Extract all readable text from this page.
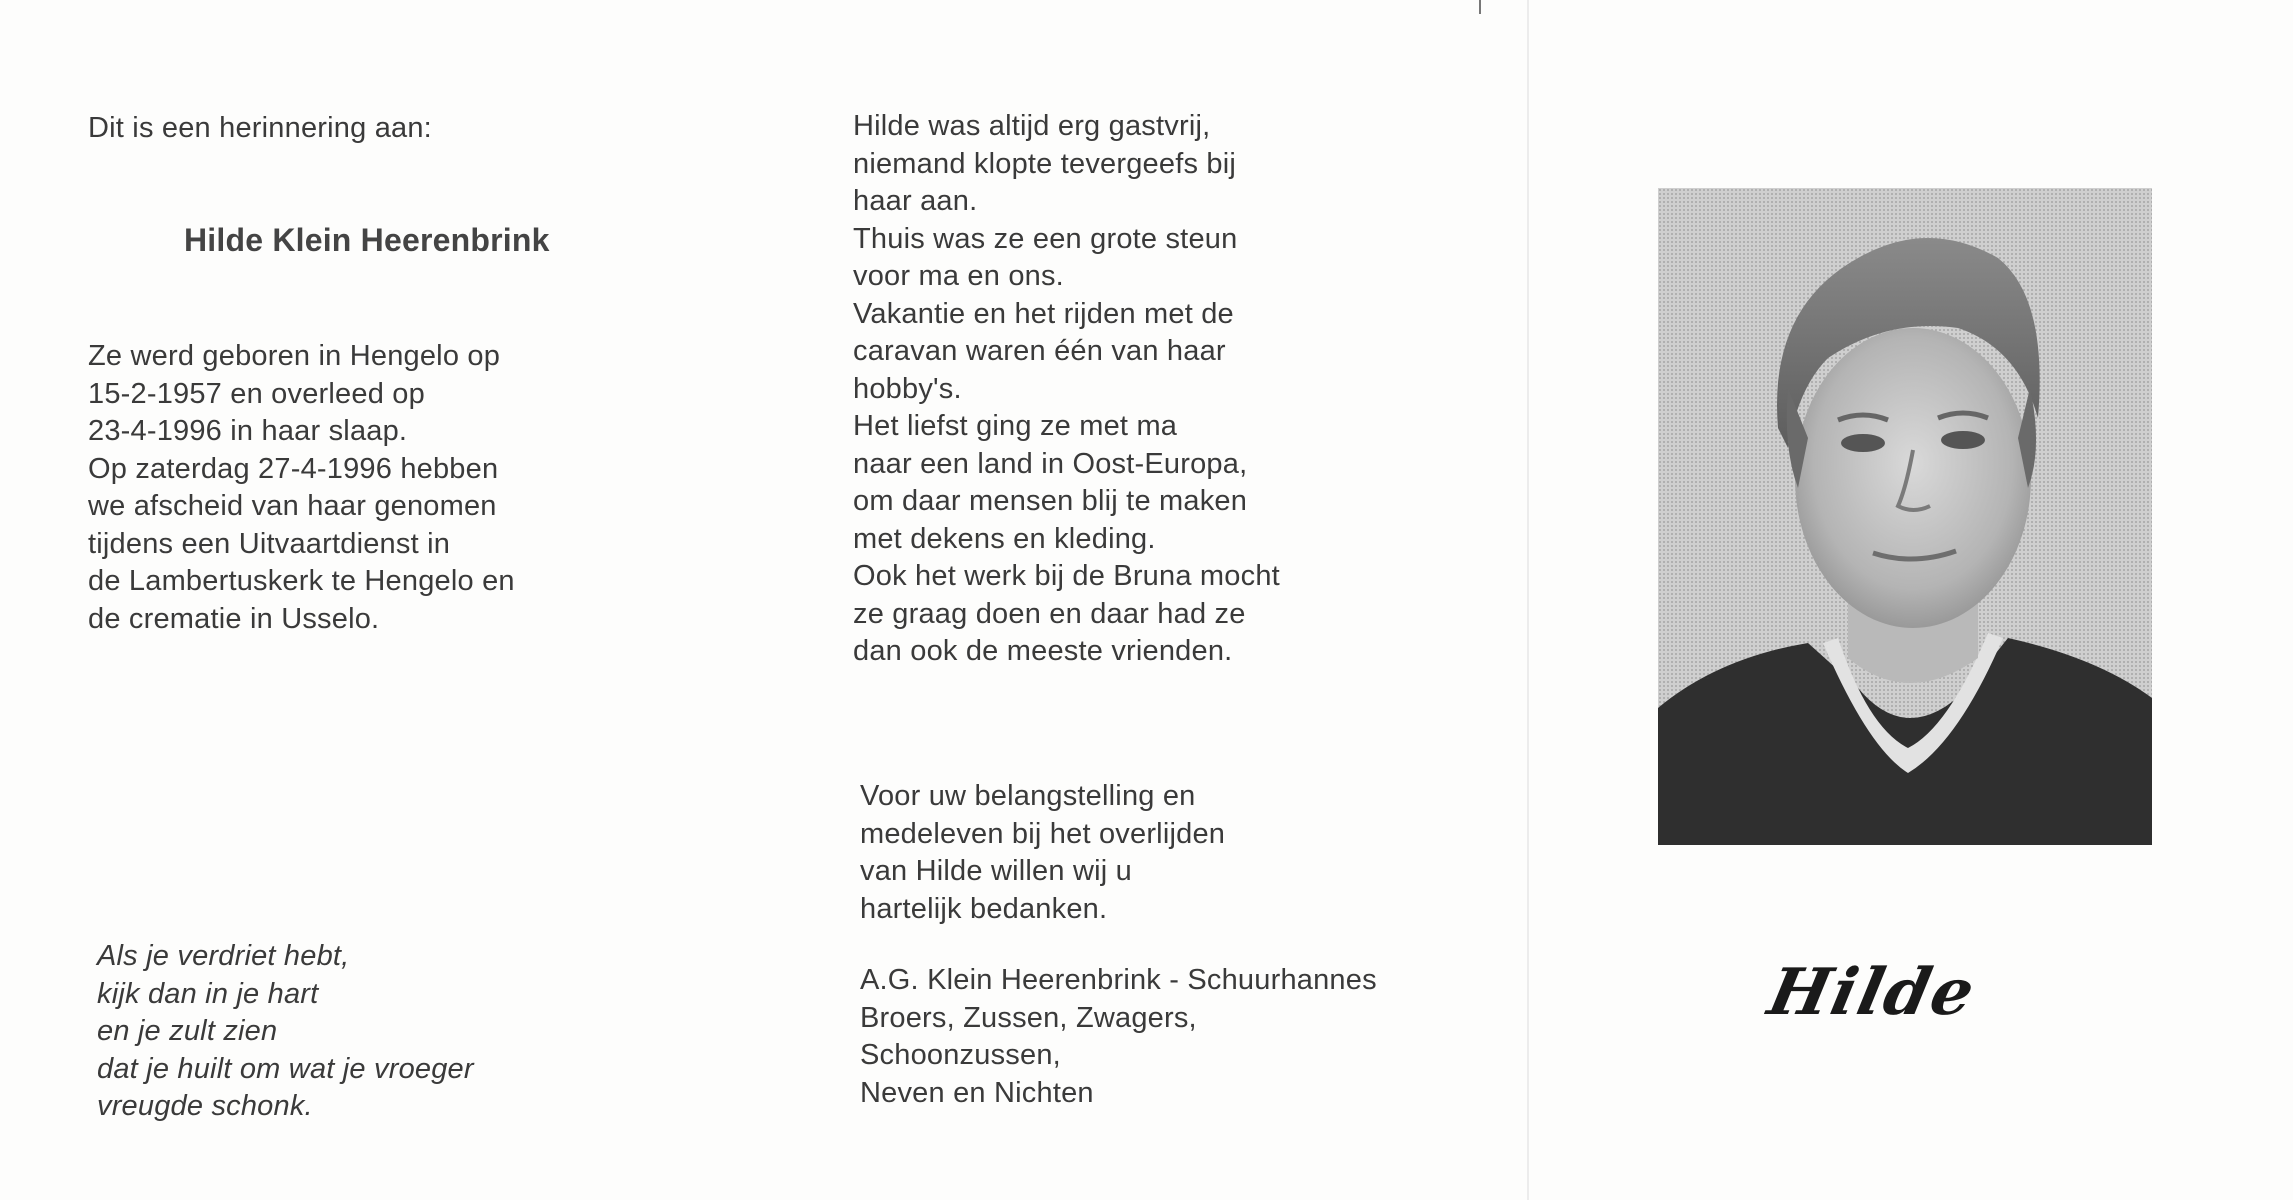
Dit is een herinnering aan:

Hilde Klein Heerenbrink

Ze werd geboren in Hengelo op
15-2-1957 en overleed op
23-4-1996 in haar slaap.
Op zaterdag 27-4-1996 hebben
we afscheid van haar genomen
tijdens een Uitvaartdienst in
de Lambertuskerk te Hengelo en
de crematie in Usselo.
Als je verdriet hebt,
kijk dan in je hart
en je zult zien
dat je huilt om wat je vroeger
vreugde schonk.
Hilde was altijd erg gastvrij,
niemand klopte tevergeefs bij
haar aan.
Thuis was ze een grote steun
voor ma en ons.
Vakantie en het rijden met de
caravan waren één van haar
hobby's.
Het liefst ging ze met ma
naar een land in Oost-Europa,
om daar mensen blij te maken
met dekens en kleding.
Ook het werk bij de Bruna mocht
ze graag doen en daar had ze
dan ook de meeste vrienden.
Voor uw belangstelling en
medeleven bij het overlijden
van Hilde willen wij u
hartelijk bedanken.
A.G. Klein Heerenbrink - Schuurhannes
Broers, Zussen, Zwagers,
Schoonzussen,
Neven en Nichten
Hilde
